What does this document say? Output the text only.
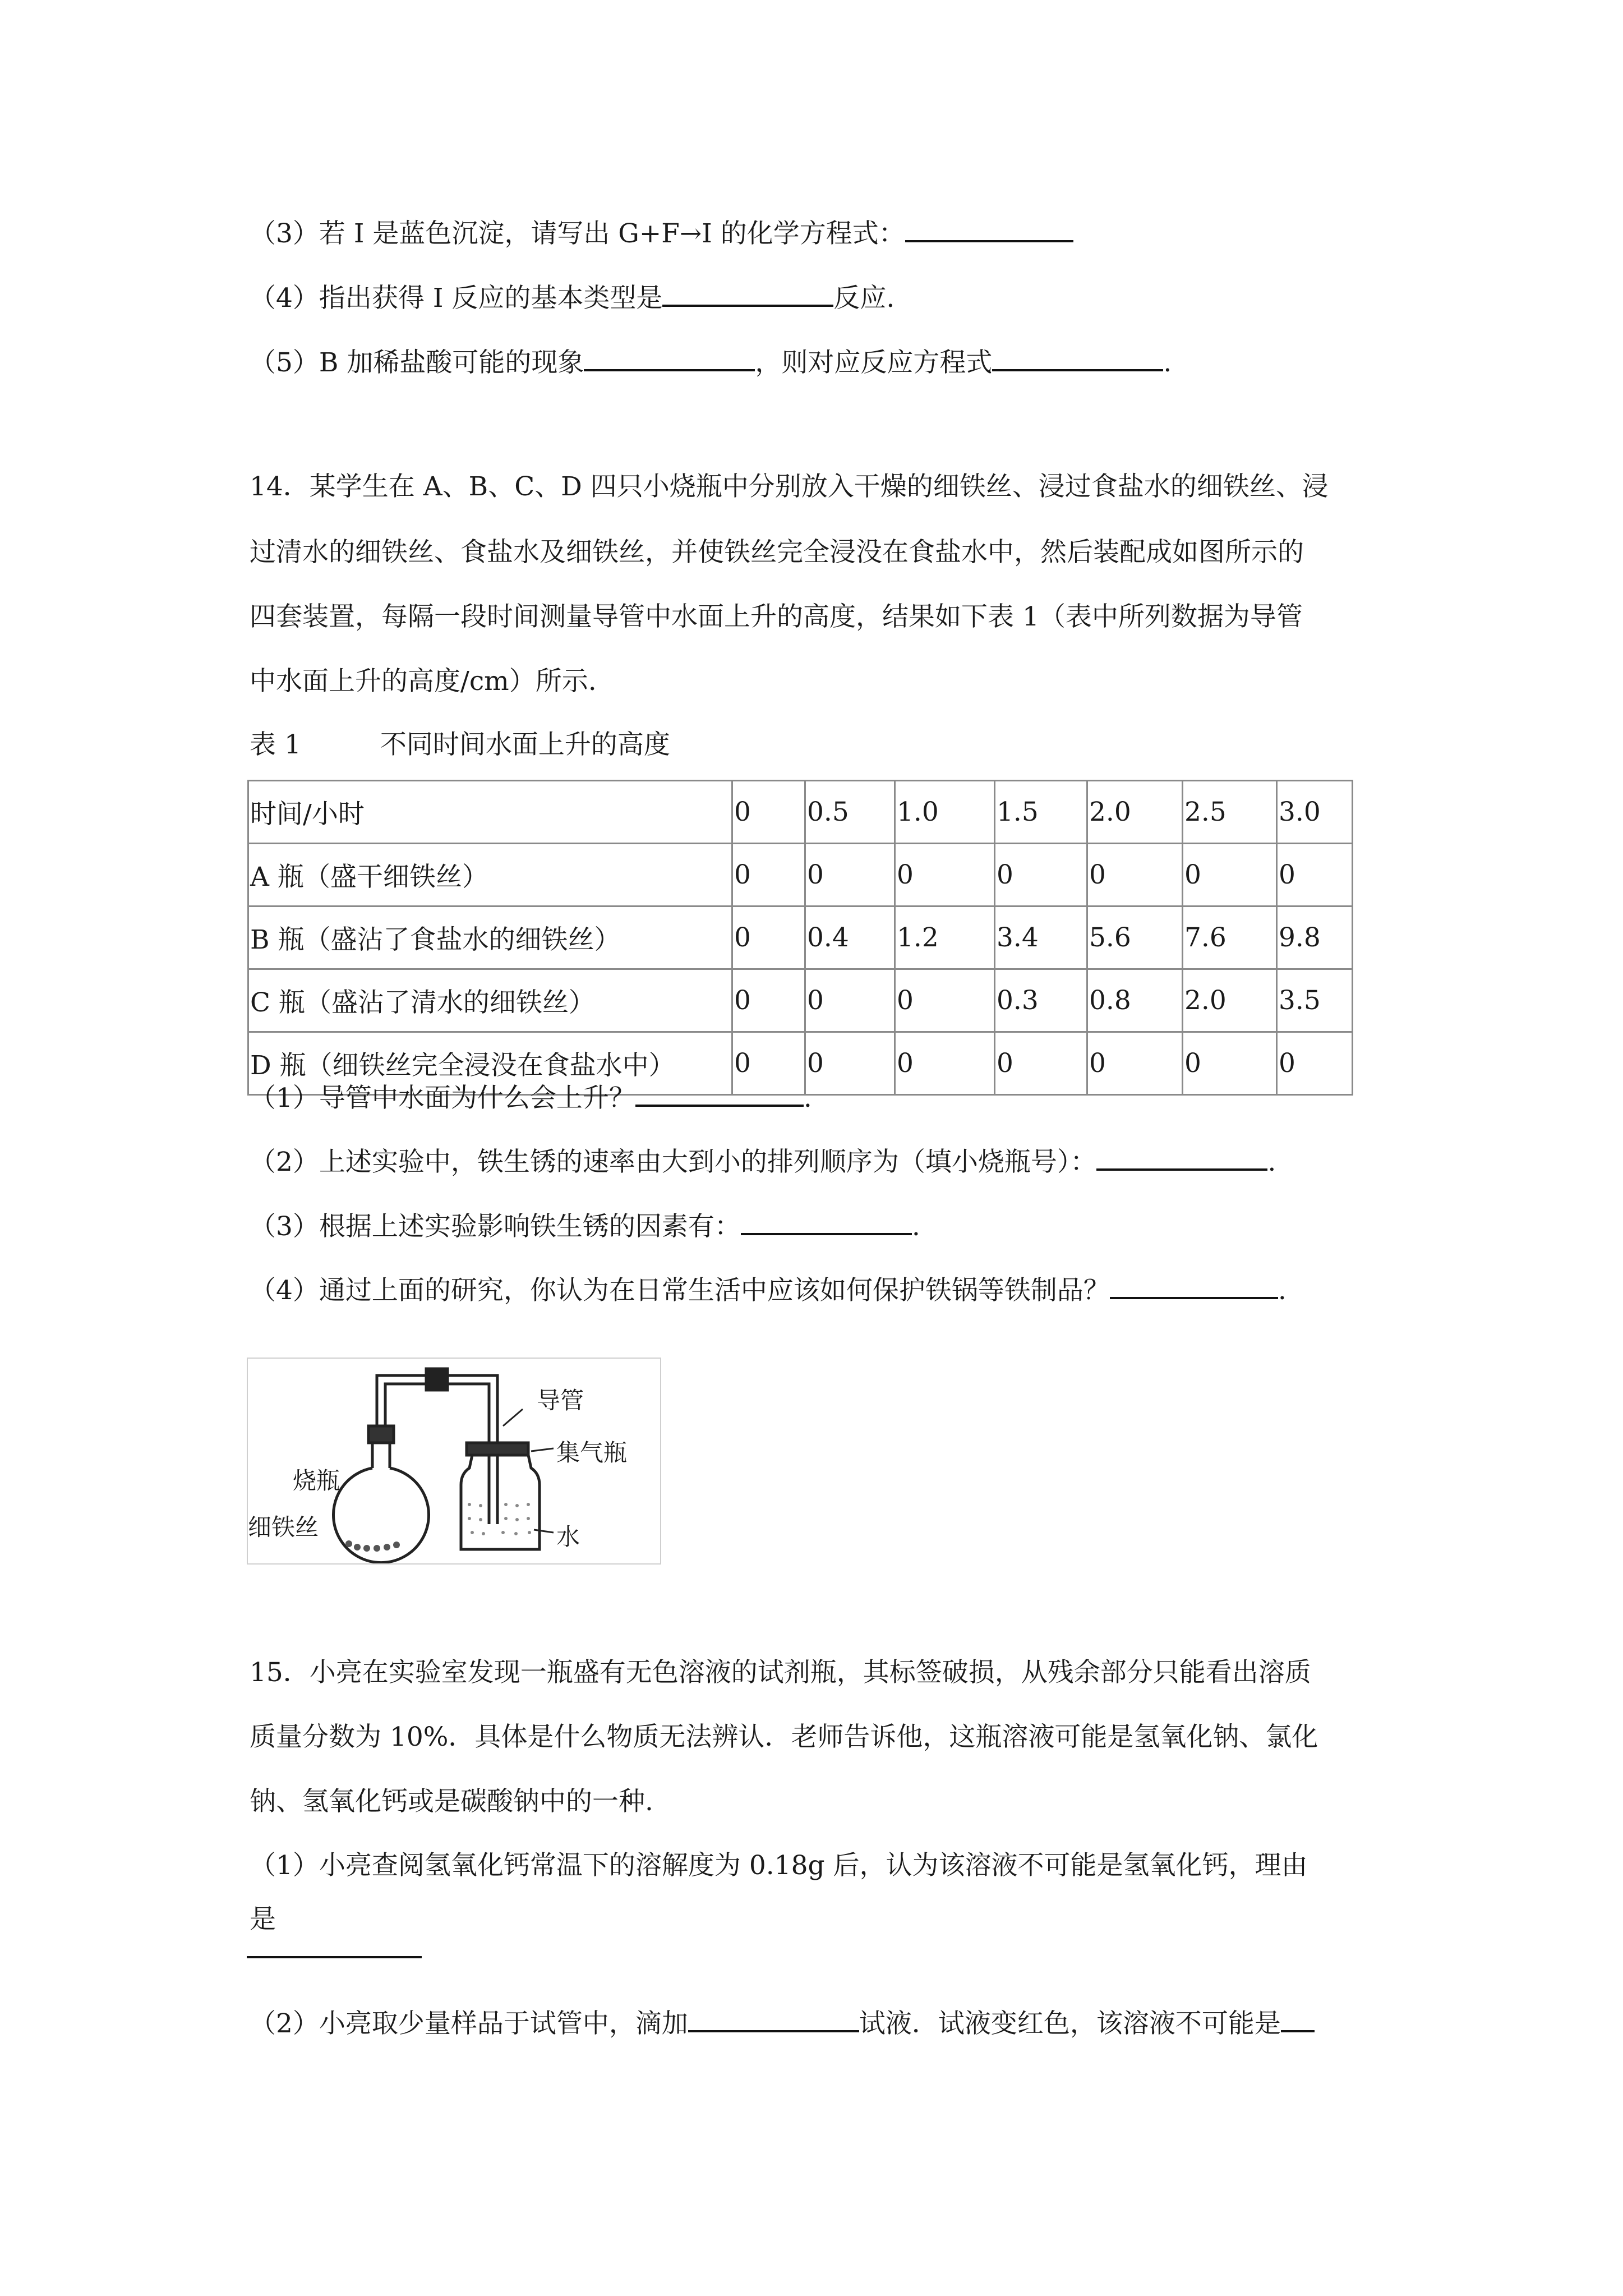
（3）若 I 是蓝色沉淀，请写出 G+F→I 的化学方程式：
（4）指出获得 I 反应的基本类型是	反应.
（5）B 加稀盐酸可能的现象	，则对应反应方程式	.
14．某学生在 A、B、C、D 四只小烧瓶中分别放入干燥的细铁丝、浸过食盐水的细铁丝、浸
过清水的细铁丝、食盐水及细铁丝，并使铁丝完全浸没在食盐水中，然后装配成如图所示的
四套装置，每隔一段时间测量导管中水面上升的高度，结果如下表 1（表中所列数据为导管
中水面上升的高度/cm）所示.
表 1　　　不同时间水面上升的高度
时间/小时	0	0.5	1.0	1.5	2.0	2.5	3.0
A 瓶（盛干细铁丝）	0	0	0	0	0	0	0
B 瓶（盛沾了食盐水的细铁丝）	0	0.4	1.2	3.4	5.6	7.6	9.8
C 瓶（盛沾了清水的细铁丝）	0	0	0	0.3	0.8	2.0	3.5
D 瓶（细铁丝完全浸没在食盐水中）	0	0	0	0	0	0	0
（1）导管中水面为什么会上升？	.
（2）上述实验中，铁生锈的速率由大到小的排列顺序为（填小烧瓶号）：	.
（3）根据上述实验影响铁生锈的因素有：	.
（4）通过上面的研究，你认为在日常生活中应该如何保护铁锅等铁制品？	.
导管
烧瓶
集气瓶
细铁丝	水
15．小亮在实验室发现一瓶盛有无色溶液的试剂瓶，其标签破损，从残余部分只能看出溶质
质量分数为 10%．具体是什么物质无法辨认．老师告诉他，这瓶溶液可能是氢氧化钠、氯化
钠、氢氧化钙或是碳酸钠中的一种.
（1）小亮查阅氢氧化钙常温下的溶解度为 0.18g 后，认为该溶液不可能是氢氧化钙，理由
是
（2）小亮取少量样品于试管中，滴加	试液．试液变红色，该溶液不可能是
